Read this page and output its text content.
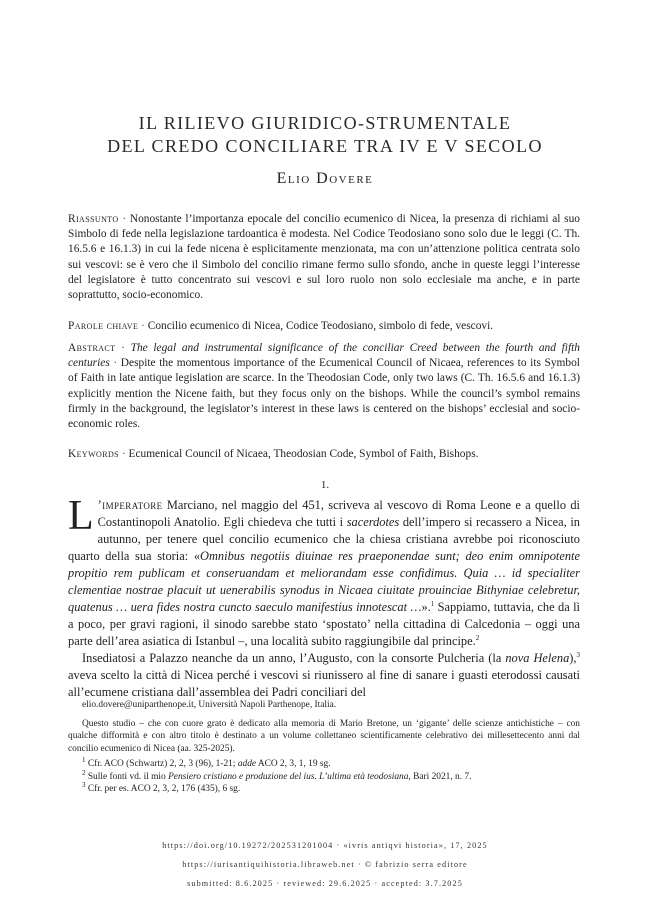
IL RILIEVO GIURIDICO-STRUMENTALE
DEL CREDO CONCILIARE TRA IV E V SECOLO
Elio Dovere
Riassunto · Nonostante l’importanza epocale del concilio ecumenico di Nicea, la presenza di richiami al suo Simbolo di fede nella legislazione tardoantica è modesta. Nel Codice Teodosiano sono solo due le leggi (C. Th. 16.5.6 e 16.1.3) in cui la fede nicena è esplicitamente menzionata, ma con un’attenzione politica centrata solo sui vescovi: se è vero che il Simbolo del concilio rimane fermo sullo sfondo, anche in queste leggi l’interesse del legislatore è tutto concentrato sui vescovi e sul loro ruolo non solo ecclesiale ma anche, e in parte soprattutto, socio-economico.
Parole chiave · Concilio ecumenico di Nicea, Codice Teodosiano, simbolo di fede, vescovi.
Abstract · The legal and instrumental significance of the conciliar Creed between the fourth and fifth centuries · Despite the momentous importance of the Ecumenical Council of Nicaea, references to its Symbol of Faith in late antique legislation are scarce. In the Theodosian Code, only two laws (C. Th. 16.5.6 and 16.1.3) explicitly mention the Nicene faith, but they focus only on the bishops. While the council’s symbol remains firmly in the background, the legislator’s interest in these laws is centered on the bishops’ ecclesial and socio-economic roles.
Keywords · Ecumenical Council of Nicaea, Theodosian Code, Symbol of Faith, Bishops.
1.

L ’imperatore Marciano, nel maggio del 451, scriveva al vescovo di Roma Leone e a quello di Costantinopoli Anatolio. Egli chiedeva che tutti i sacerdotes dell’impero si recassero a Nicea, in autunno, per tenere quel concilio ecumenico che la chiesa cristiana avrebbe poi riconosciuto quarto della sua storia: «Omnibus negotiis diuinae res praeponendae sunt; deo enim omnipotente propitio rem publicam et conseruandam et meliorandam esse confidimus. Quia … id specialiter clementiae nostrae placuit ut uenerabilis synodus in Nicaea ciuitate prouinciae Bithyniae celebretur, quatenus … uera fides nostra cuncto saeculo manifestius innotescat …».$^1$ Sappiamo, tuttavia, che da lì a poco, per gravi ragioni, il sinodo sarebbe stato ‘spostato’ nella cittadina di Calcedonia – oggi una parte dell’area asiatica di Istanbul –, una località subito raggiungibile dal principe.$^2$

Insediatosi a Palazzo neanche da un anno, l’Augusto, con la consorte Pulcheria (la nova Helena),$^3$ aveva scelto la città di Nicea perché i vescovi si riunissero al fine di sanare i guasti eterodossi causati all’ecumene cristiana dall’assemblea dei Padri conciliari del

elio.dovere@uniparthenope.it, Università Napoli Parthenope, Italia.

Questo studio – che con cuore grato è dedicato alla memoria di Mario Bretone, un ‘gigante’ delle scienze antichistiche – con qualche difformità e con altro titolo è destinato a un volume collettaneo scientificamente celebrativo dei millesettecento anni dal concilio ecumenico di Nicea (aa. 325-2025).

$^1$ Cfr. ACO (Schwartz) 2, 2, 3 (96), 1-21; adde ACO 2, 3, 1, 19 sg.

$^2$ Sulle fonti vd. il mio Pensiero cristiano e produzione del ius. L’ultima età teodosiana, Bari 2021, n. 7.

$^3$ Cfr. per es. ACO 2, 3, 2, 176 (435), 6 sg.

https://doi.org/10.19272/202531201004 · «ivris antiqvi historia», 17, 2025
https://iurisantiquihistoria.libraweb.net · © fabrizio serra editore
submitted: 8.6.2025 · reviewed: 29.6.2025 · accepted: 3.7.2025
